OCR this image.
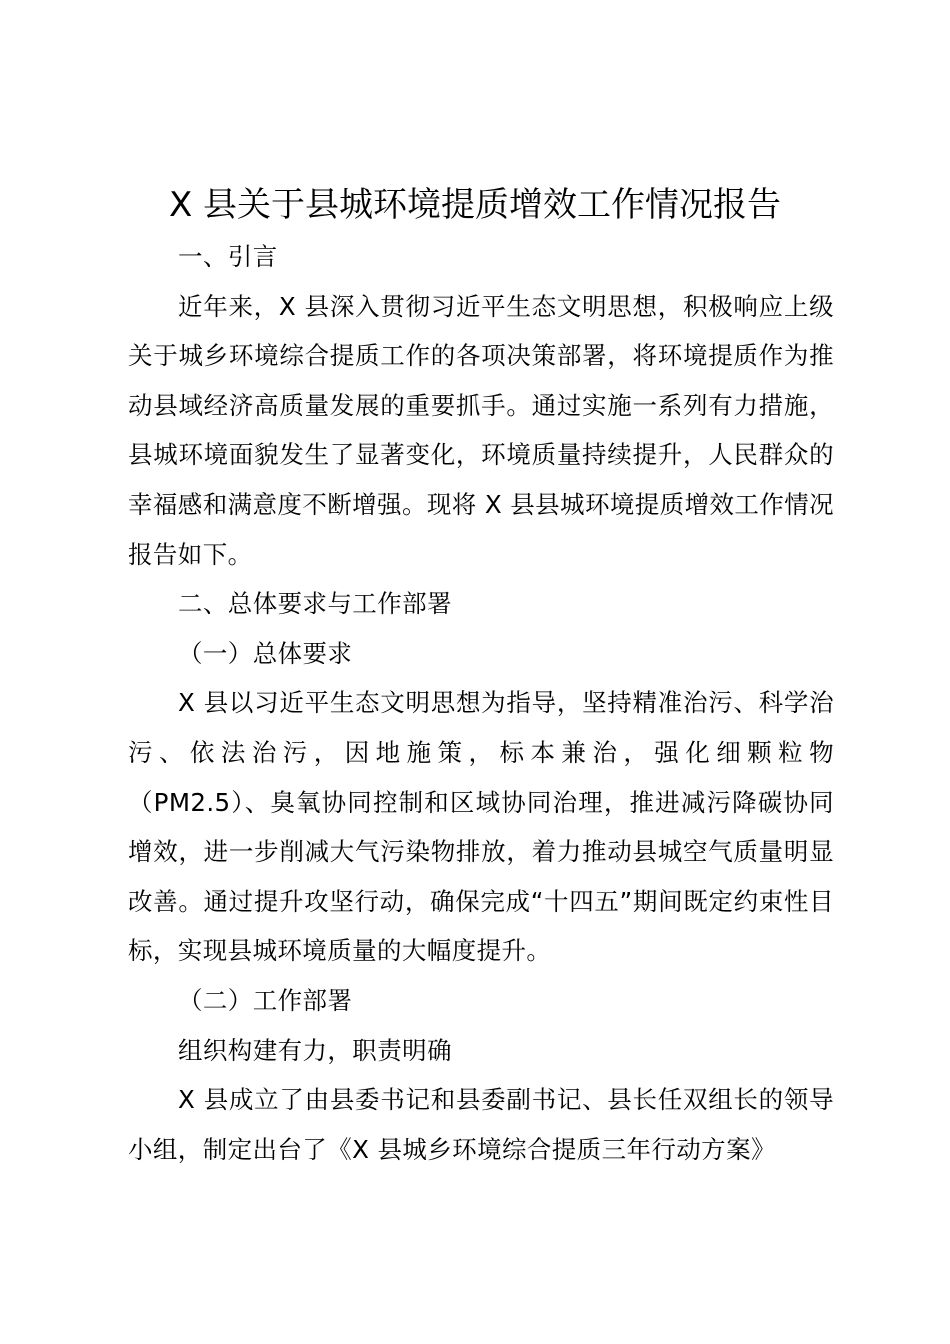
X 县关于县城环境提质增效工作情况报告

一、引言

近年来，X 县深入贯彻习近平生态文明思想，积极响应上级关于城乡环境综合提质工作的各项决策部署，将环境提质作为推动县域经济高质量发展的重要抓手。通过实施一系列有力措施，县城环境面貌发生了显著变化，环境质量持续提升，人民群众的幸福感和满意度不断增强。现将 X 县县城环境提质增效工作情况报告如下。

二、总体要求与工作部署

（一）总体要求

X 县以习近平生态文明思想为指导，坚持精准治污、科学治污、依法治污，因地施策，标本兼治，强化细颗粒物（PM2.5）、臭氧协同控制和区域协同治理，推进减污降碳协同增效，进一步削减大气污染物排放，着力推动县城空气质量明显改善。通过提升攻坚行动，确保完成“十四五”期间既定约束性目标，实现县城环境质量的大幅度提升。

（二）工作部署

组织构建有力，职责明确

X 县成立了由县委书记和县委副书记、县长任双组长的领导小组，制定出台了《X 县城乡环境综合提质三年行动方案》
